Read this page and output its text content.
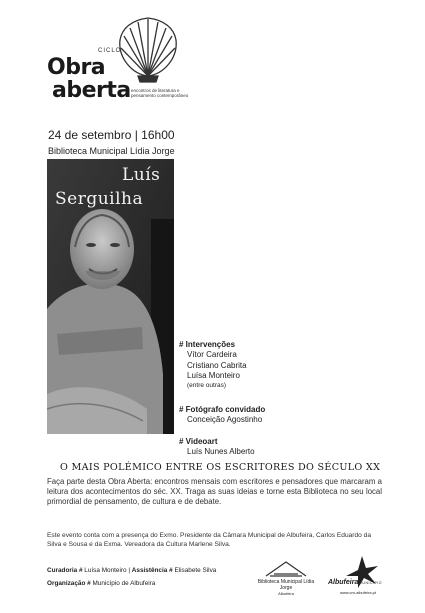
CICLO
Obra
aberta encontros de literatura e pensamento contemporâneo
24 de setembro | 16h00
Biblioteca Municipal Lídia Jorge
Luís
Serguilha
# Intervenções
Vítor Cardeira
Cristiano Cabrita
Luísa Monteiro
(entre outras)
# Fotógrafo convidado
Conceição Agostinho
# Videoart
Luís Nunes Alberto
O MAIS POLÉMICO ENTRE OS ESCRITORES DO SÉCULO XX
Faça parte desta Obra Aberta: encontros mensais com escritores e pensadores que marcaram a leitura dos acontecimentos do séc. XX. Traga as suas ideias e torne esta Biblioteca no seu local primordial de pensamento, de cultura e de debate.
Este evento conta com a presença do Exmo. Presidente da Câmara Municipal de Albufeira, Carlos Eduardo da Silva e Sousa e da Exma. Vereadora da Cultura Marlene Silva.
Curadoria # Luísa Monteiro | Assistência # Elisabete Silva
Organização # Município de Albufeira	Biblioteca Municipal Lídia Jorge
Albufeira
Albufeira MUNICÍPIO
www.cm-albufeira.pt
